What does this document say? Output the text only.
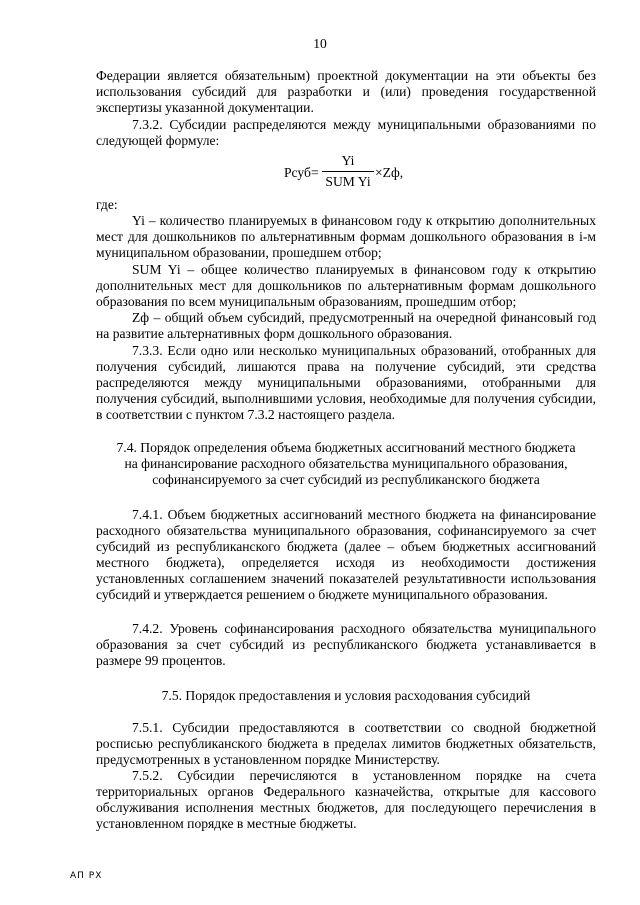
10
Федерации является обязательным) проектной документации на эти объекты без использования субсидий для разработки и (или) проведения государственной экспертизы указанной документации.
7.3.2. Субсидии распределяются между муниципальными образованиями по следующей формуле:
Рсуб=
Yi
SUM Yi
×Zф,
где:
Yi – количество планируемых в финансовом году к открытию дополнительных мест для дошкольников по альтернативным формам дошкольного образования в i-м муниципальном образовании, прошедшем отбор;
SUM Yi – общее количество планируемых в финансовом году к открытию дополнительных мест для дошкольников по альтернативным формам дошкольного образования по всем муниципальным образованиям, прошедшим отбор;
Zф – общий объем субсидий, предусмотренный на очередной финансовый год на развитие альтернативных форм дошкольного образования.
7.3.3. Если одно или несколько муниципальных образований, отобранных для получения субсидий, лишаются права на получение субсидий, эти средства распределяются между муниципальными образованиями, отобранными для получения субсидий, выполнившими условия, необходимые для получения субсидии, в соответствии с пунктом 7.3.2 настоящего раздела.
7.4. Порядок определения объема бюджетных ассигнований местного бюджета
на финансирование расходного обязательства муниципального образования,
софинансируемого за счет субсидий из республиканского бюджета
7.4.1. Объем бюджетных ассигнований местного бюджета на финансирование расходного обязательства муниципального образования, софинансируемого за счет субсидий из республиканского бюджета (далее – объем бюджетных ассигнований местного бюджета), определяется исходя из необходимости достижения установленных соглашением значений показателей результативности использования субсидий и утверждается решением о бюджете муниципального образования.
7.4.2. Уровень софинансирования расходного обязательства муниципального образования за счет субсидий из республиканского бюджета устанавливается в размере 99 процентов.
7.5. Порядок предоставления и условия расходования субсидий
7.5.1. Субсидии предоставляются в соответствии со сводной бюджетной росписью республиканского бюджета в пределах лимитов бюджетных обязательств, предусмотренных в установленном порядке Министерству.
7.5.2. Субсидии перечисляются в установленном порядке на счета территориальных органов Федерального казначейства, открытые для кассового обслуживания исполнения местных бюджетов, для последующего перечисления в установленном порядке в местные бюджеты.
АП РХ
